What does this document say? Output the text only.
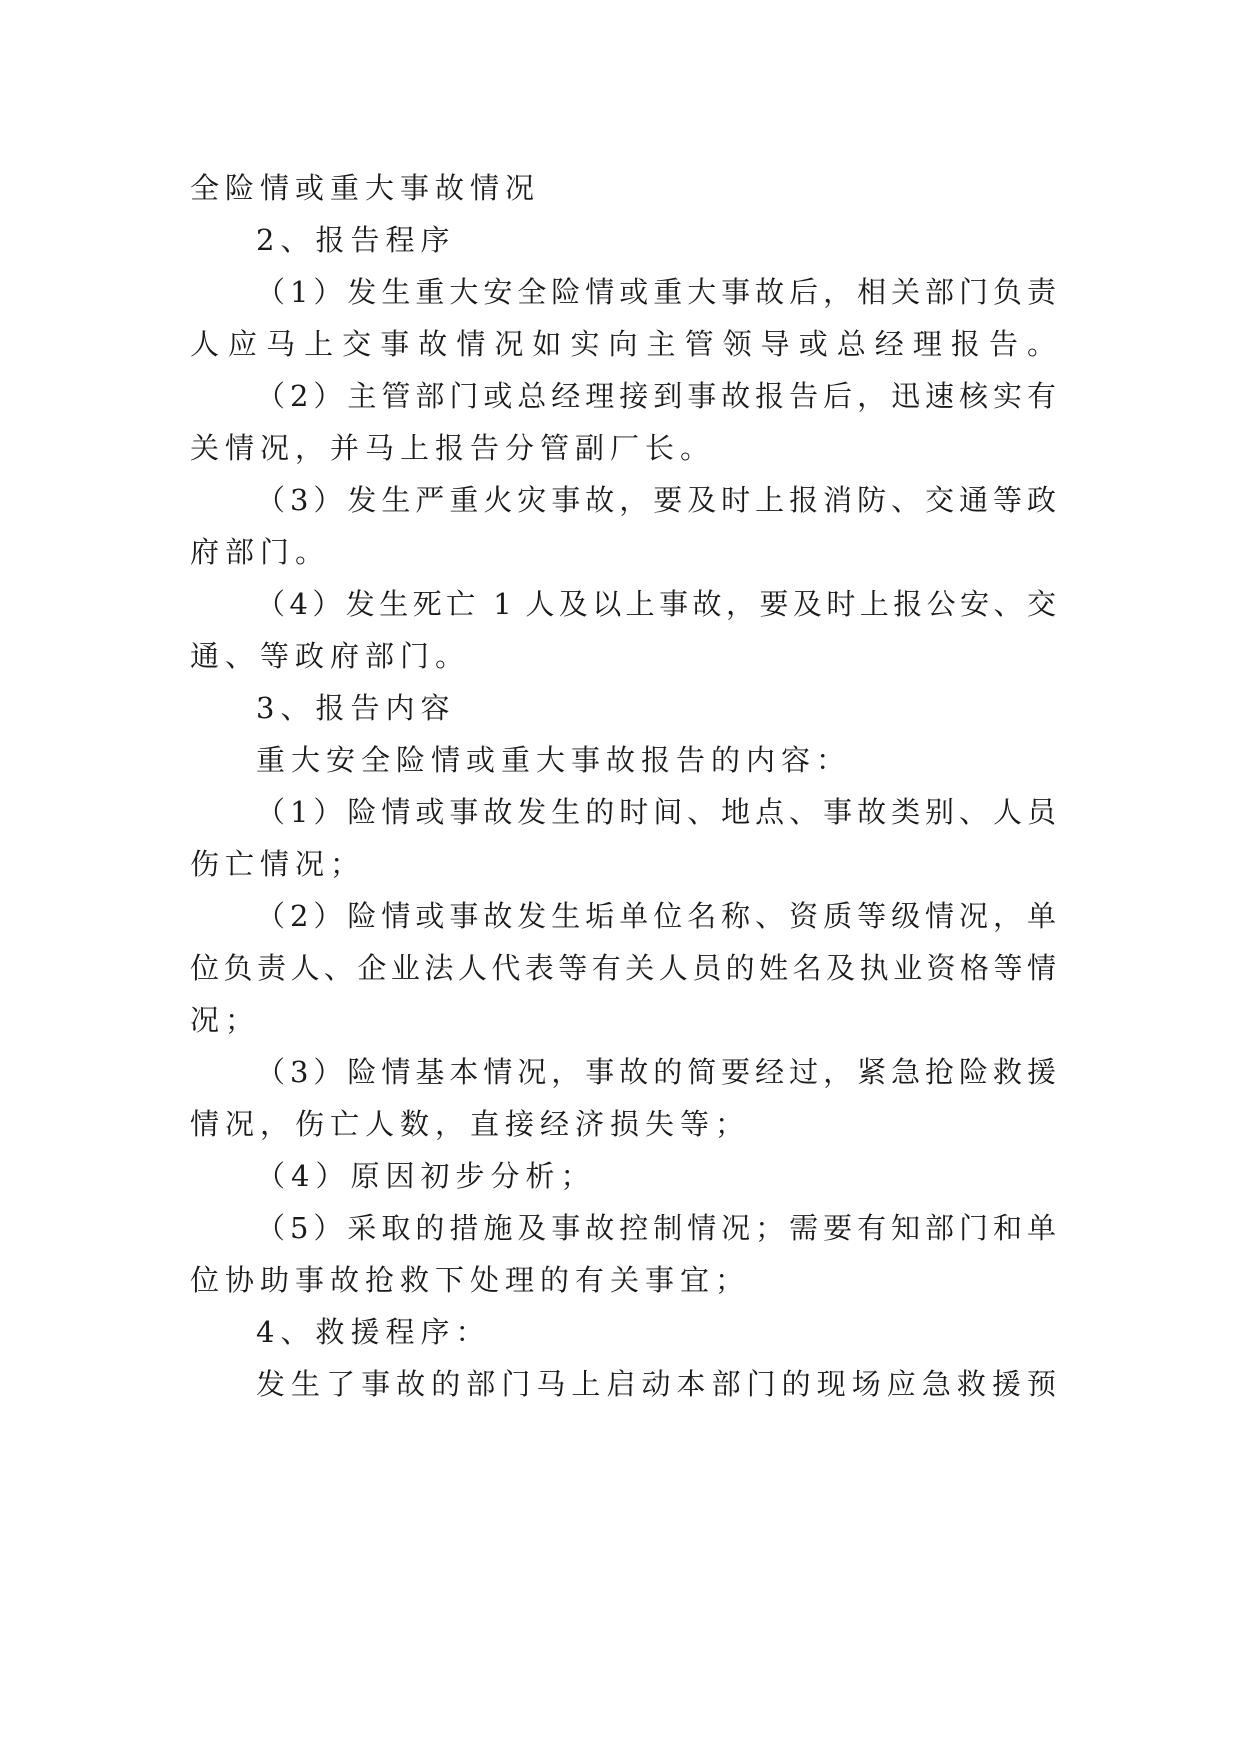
全险情或重大事故情况
2、报告程序
（1）发生重大安全险情或重大事故后，相关部门负责
人应马上交事故情况如实向主管领导或总经理报告。
（2）主管部门或总经理接到事故报告后，迅速核实有
关情况，并马上报告分管副厂长。
（3）发生严重火灾事故，要及时上报消防、交通等政
府部门。
（4）发生死亡 1 人及以上事故，要及时上报公安、交
通、等政府部门。
3、报告内容
重大安全险情或重大事故报告的内容：
（1）险情或事故发生的时间、地点、事故类别、人员
伤亡情况；
（2）险情或事故发生垢单位名称、资质等级情况，单
位负责人、企业法人代表等有关人员的姓名及执业资格等情
况；
（3）险情基本情况，事故的简要经过，紧急抢险救援
情况，伤亡人数，直接经济损失等；
（4）原因初步分析；
（5）采取的措施及事故控制情况；需要有知部门和单
位协助事故抢救下处理的有关事宜；
4、救援程序：
发生了事故的部门马上启动本部门的现场应急救援预
